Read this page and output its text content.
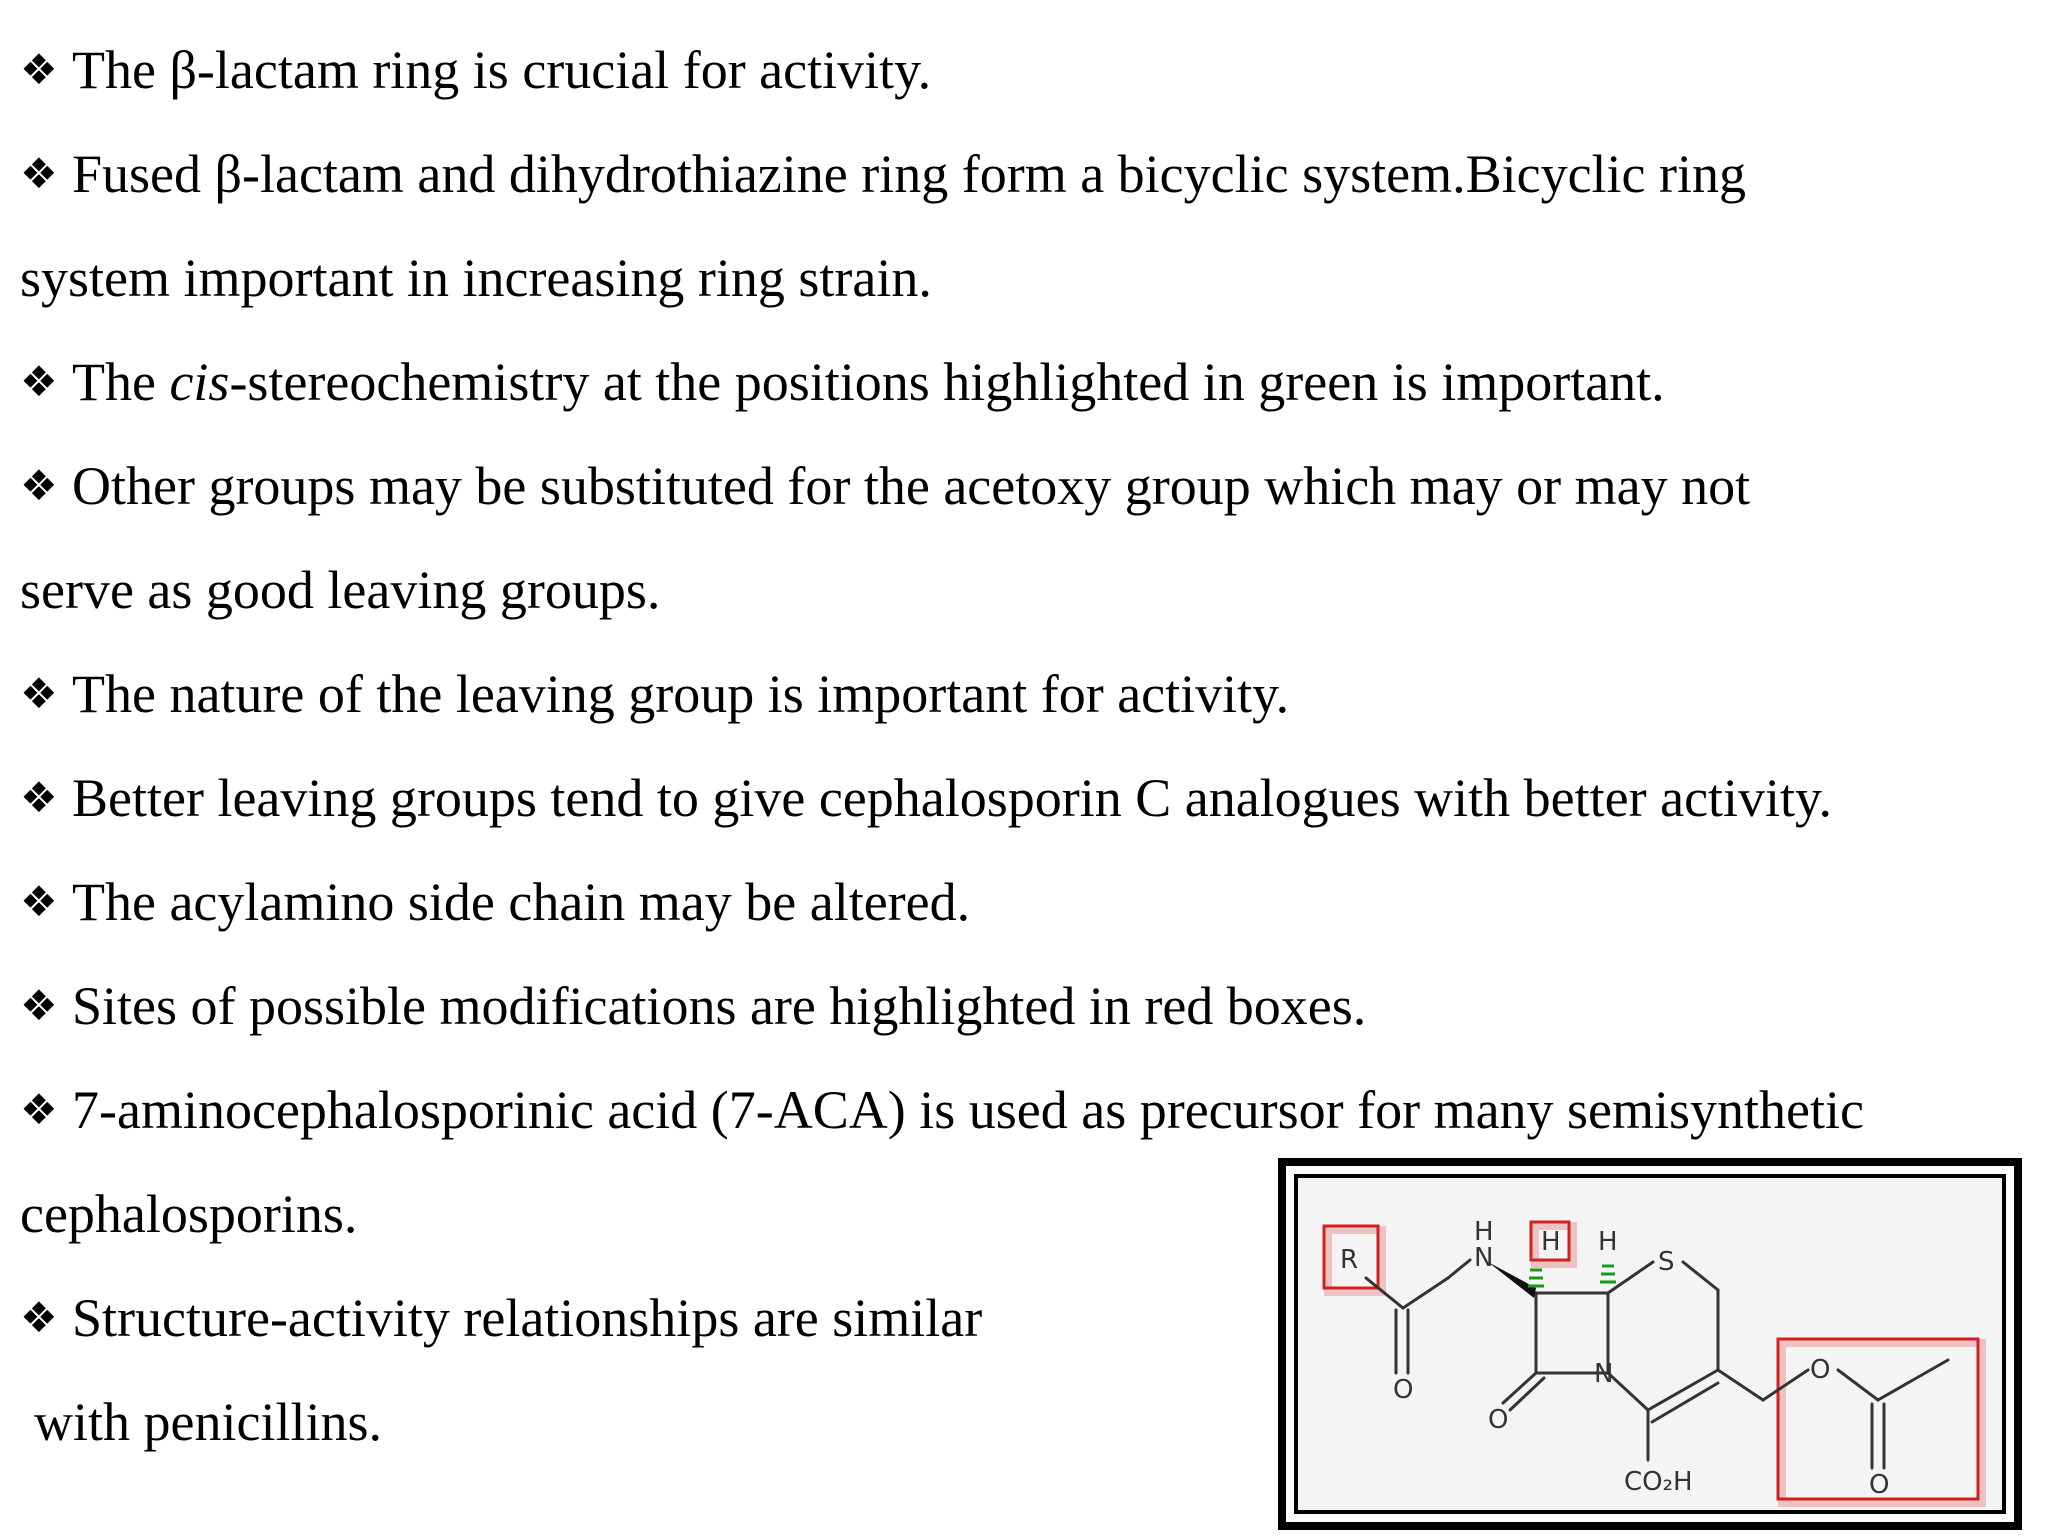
❖ The β-lactam ring is crucial for activity.
❖ Fused β-lactam and dihydrothiazine ring form a bicyclic system.Bicyclic ring
system important in increasing ring strain.
❖ The cis-stereochemistry at the positions highlighted in green is important.
❖ Other groups may be substituted for the acetoxy group which may or may not
serve as good leaving groups.
❖ The nature of the leaving group is important for activity.
❖ Better leaving groups tend to give cephalosporin C analogues with better activity.
❖ The acylamino side chain may be altered.
❖ Sites of possible modifications are highlighted in red boxes.
❖ 7-aminocephalosporinic acid (7-ACA) is used as precursor for many semisynthetic
cephalosporins.
❖ Structure-activity relationships are similar
with penicillins.
R
H
N
H H
S
N
O
O
O
O
CO₂H
